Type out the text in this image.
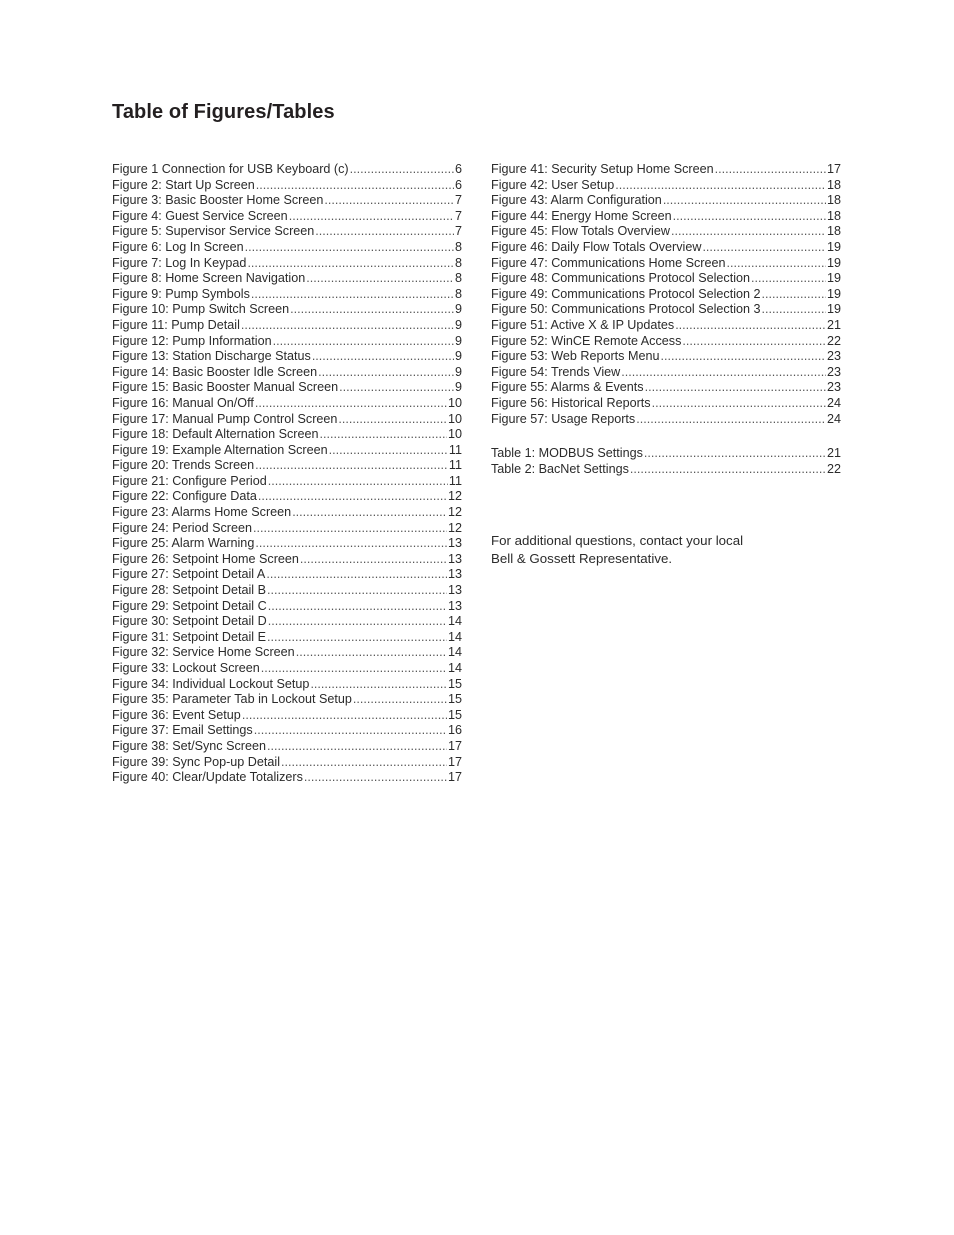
Table of Figures/Tables
Figure 1 Connection for USB Keyboard (c) .....	6
Figure 2: Start Up Screen .....	6
Figure 3: Basic Booster Home Screen .....	7
Figure 4: Guest Service Screen .....	7
Figure 5: Supervisor Service Screen .....	7
Figure 6: Log In Screen .....	8
Figure 7: Log In Keypad .....	8
Figure 8: Home Screen Navigation .....	8
Figure 9: Pump Symbols .....	8
Figure 10: Pump Switch Screen .....	9
Figure 11: Pump Detail .....	9
Figure 12: Pump Information .....	9
Figure 13: Station Discharge Status .....	9
Figure 14: Basic Booster Idle Screen .....	9
Figure 15: Basic Booster Manual Screen .....	9
Figure 16: Manual On/Off .....	10
Figure 17: Manual Pump Control Screen .....	10
Figure 18: Default Alternation Screen .....	10
Figure 19: Example Alternation Screen .....	11
Figure 20: Trends Screen .....	11
Figure 21: Configure Period .....	11
Figure 22: Configure Data .....	12
Figure 23: Alarms Home Screen .....	12
Figure 24: Period Screen .....	12
Figure 25: Alarm Warning .....	13
Figure 26: Setpoint Home Screen .....	13
Figure 27: Setpoint Detail A .....	13
Figure 28: Setpoint Detail B .....	13
Figure 29: Setpoint Detail C .....	13
Figure 30: Setpoint Detail D .....	14
Figure 31: Setpoint Detail E .....	14
Figure 32: Service Home Screen .....	14
Figure 33: Lockout Screen .....	14
Figure 34: Individual Lockout Setup .....	15
Figure 35: Parameter Tab in Lockout Setup .....	15
Figure 36: Event Setup .....	15
Figure 37: Email Settings .....	16
Figure 38: Set/Sync Screen .....	17
Figure 39: Sync Pop-up Detail .....	17
Figure 40: Clear/Update Totalizers .....	17
Figure 41: Security Setup Home Screen .....	17
Figure 42: User Setup .....	18
Figure 43: Alarm Configuration .....	18
Figure 44: Energy Home Screen .....	18
Figure 45: Flow Totals Overview .....	18
Figure 46: Daily Flow Totals Overview .....	19
Figure 47: Communications Home Screen .....	19
Figure 48: Communications Protocol Selection .....	19
Figure 49: Communications Protocol Selection 2 .....	19
Figure 50: Communications Protocol Selection 3 .....	19
Figure 51: Active X & IP Updates .....	21
Figure 52: WinCE Remote Access .....	22
Figure 53: Web Reports Menu .....	23
Figure 54: Trends View .....	23
Figure 55: Alarms & Events .....	23
Figure 56: Historical Reports .....	24
Figure 57: Usage Reports .....	24
Table 1: MODBUS Settings .....	21
Table 2: BacNet Settings .....	22

For additional questions, contact your local
Bell & Gossett Representative.
